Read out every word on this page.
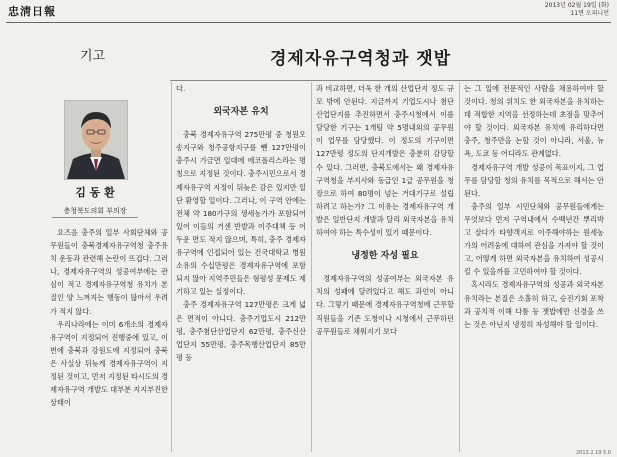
忠淸日報	2013년 02월 19일 (화)
11면 오피니언
기고	경제자유구역청과 잿밥
김 동 환
충청북도의회 부의장

요즈음 충주의 일부 사회단체와 공무원들이 충북경제자유구역청 충주유치 운동과 관련해 논란이 뜨겁다. 그러나, 경제자유구역의 성공여부에는 관심이 적고 경제자유구역청 유치가 본질인 양 느껴지는 행동이 많아서 우려가 적지 않다.

우리나라에는 이미 6개소의 경제자유구역이 지정되어 진행중에 있고, 이번에 충북과 강원도에 지정되어 충북은 사실상 뒤늦게 경제자유구역이 지정된 것이고, 먼저 지정된 타시도의 경제자유구역 개발도 대부분 지지부진한 상태이

다.

외국자본 유치

충북 경제자유구역 275만평 중 청원오송지구와 청주공항지구를 뺀 127만평이 충주시 가금면 일대에 에코폴리스라는 명칭으로 지정된 것이다. 충주시민으로서 경제자유구역 지정이 뒤늦은 감은 있지만 일단 환영할 일이다. 그러나, 이 구역 안에는 전체 약 180가구의 생세농가가 포함되어 있어 이들의 거센 반발과 이주대책 등 어두운 면도 적지 않으며, 특히, 충주 경제자유구역에 인접되어 있는 건국대학교 병원 소유의 수십만평은 경제자유구역에 포함되지 않아 지역주민들은 형평성 문제도 제기하고 있는 실정이다.

충주 경제자유구역 127만평은 크게 넓은 면적이 아니다. 충주기업도시 212만평, 충주첨단산업단지 62만평, 충주신산업단지 55만평, 충주목행산업단지 85만평 등

과 비교하면, 더욱 한 개의 산업단지 정도 규모 밖에 안된다. 지금까지 기업도시나 첨단산업단지를 추진하면서 충주시청에서 이를 담당한 기구는 1개팀 약 5명내외의 공무원이 업무를 담당했다. 이 정도의 기구이면 127만평 정도의 단지개발은 충분히 감당할 수 있다. 그러면, 충북도에서는 왜 경제자유구역청을 부지사와 동급인 1급 공무원을 청장으로 하여 80명이 넘는 거대기구로 설립하려고 하는가? 그 이유는 경제자유구역 개발은 일반단지 개발과 달리 외국자본을 유치하여야 하는 특수성이 있기 때문이다.

냉정한 자성 필요

경제자유구역의 성공여부는 외국자본 유치의 성패에 달려있다고 해도 과언이 아니다. 그렇기 때문에 경제자유구역청에 근무할 직원들을 기존 도청이나 시청에서 근무하던 공무원들로 채워지기 보다

는 그 일에 전문적인 사람을 채용하여야 할 것이다. 청의 위치도 한 외국자본을 유치하는데 적합한 지역을 선정하는데 초점을 맞추어야 할 것이다. 외국자본 유치에 유리하다면 충주, 청주만을 논할 것이 아니라, 서울, 뉴욕, 도쿄 등 어디라도 관계없다.

경제자유구역 개발 성공이 목표이지, 그 업무를 담당할 청의 유치를 목적으로 해서는 안된다.

충주의 일부 시민단체와 공무원들에게는 무엇보다 먼저 구역내에서 수백년간 뿌리박고 살다가 타향객지로 이주해야하는 원세농가의 어려움에 대하여 관심을 가져야 할 것이고, 어떻게 하면 외국자본을 유치하여 성공시킬 수 있을까를 고민하여야 할 것이다.

혹시라도 경제자유구역의 성공과 외국자본 유치라는 본질은 소홀히 하고, 승진기회 포착과 공치적 이해 다툼 등 잿밥에만 신경을 쓰는 것은 아닌지 냉정히 자성해야 할 일이다.

2013.2.19 5.0
